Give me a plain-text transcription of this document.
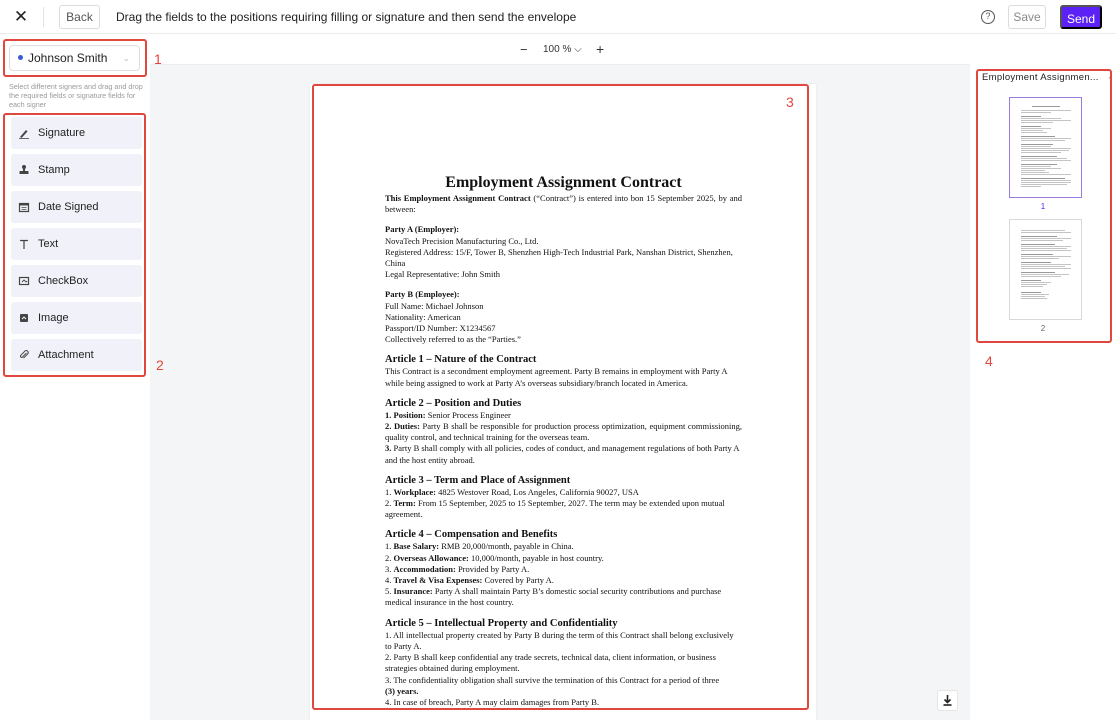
✕	Back	Drag the fields to the positions requiring filling or signature and then send the envelope	?	Save	Send
Johnson Smith ⌄
Select different signers and drag and drop the required fields or signature fields for each signer
Signature
Stamp
Date Signed
Text
CheckBox
Image
Attachment
− 100 % ⌵ +

Employment Assignment Contract

This Employment Assignment Contract (“Contract”) is entered into bon 15 September 2025, by and between:

Party A (Employer):

NovaTech Precision Manufacturing Co., Ltd.

Registered Address: 15/F, Tower B, Shenzhen High-Tech Industrial Park, Nanshan District, Shenzhen, China

Legal Representative: John Smith

Party B (Employee):

Full Name: Michael Johnson

Nationality: American

Passport/ID Number: X1234567

Collectively referred to as the “Parties.”

Article 1 – Nature of the Contract

This Contract is a secondment employment agreement. Party B remains in employment with Party A while being assigned to work at Party A’s overseas subsidiary/branch located in America.

Article 2 – Position and Duties

1. Position: Senior Process Engineer

2. Duties: Party B shall be responsible for production process optimization, equipment commissioning, quality control, and technical training for the overseas team.

3. Party B shall comply with all policies, codes of conduct, and management regulations of both Party A and the host entity abroad.

Article 3 – Term and Place of Assignment

1. Workplace: 4825 Westover Road, Los Angeles, California 90027, USA

2. Term: From 15 September, 2025 to 15 September, 2027. The term may be extended upon mutual agreement.

Article 4 – Compensation and Benefits

1. Base Salary: RMB 20,000/month, payable in China.

2. Overseas Allowance: 10,000/month, payable in host country.

3. Accommodation: Provided by Party A.

4. Travel & Visa Expenses: Covered by Party A.

5. Insurance: Party A shall maintain Party B’s domestic social security contributions and purchase medical insurance in the host country.

Article 5 – Intellectual Property and Confidentiality

1. All intellectual property created by Party B during the term of this Contract shall belong exclusively to Party A.

2. Party B shall keep confidential any trade secrets, technical data, client information, or business strategies obtained during employment.

3. The confidentiality obligation shall survive the termination of this Contract for a period of three

(3) years.

4. In case of breach, Party A may claim damages from Party B.

Employment Assignmen...	⌄
1
2
1
2
3
4
